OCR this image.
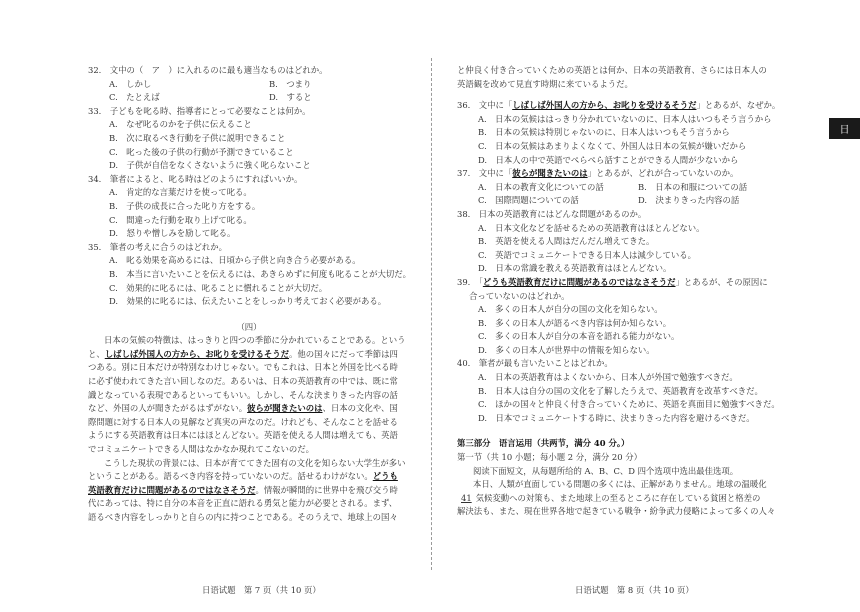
32.　文中の（　ア　）に入れるのに最も適当なものはどれか。
A.　しかし	B.　つまり
C.　たとえば	D.　すると
33.　子どもを叱る時、指導者にとって必要なことは何か。
A.　なぜ叱るのかを子供に伝えること
B.　次に取るべき行動を子供に説明できること
C.　叱った後の子供の行動が予測できていること
D.　子供が自信をなくさないように強く叱らないこと
34.　筆者によると、叱る時はどのようにすればいいか。
A.　肯定的な言葉だけを使って叱る。
B.　子供の成長に合った叱り方をする。
C.　間違った行動を取り上げて叱る。
D.　怒りや憎しみを励して叱る。
35.　筆者の考えに合うのはどれか。
A.　叱る効果を高めるには、日頃から子供と向き合う必要がある。
B.　本当に言いたいことを伝えるには、あきらめずに何度も叱ることが大切だ。
C.　効果的に叱るには、叱ることに慣れることが大切だ。
D.　効果的に叱るには、伝えたいことをしっかり考えておく必要がある。
（四）
日本の気候の特徴は、はっきりと四つの季節に分かれていることである。という
と、しばしば外国人の方から、お叱りを受けるそうだ。他の国々にだって季節は四
つある。別に日本だけが特別なわけじゃない。でもこれは、日本と外国を比べる時
に必ず使われてきた言い回しなのだ。あるいは、日本の英語教育の中では、既に常
識となっている表現であるといってもいい。しかし、そんな決まりきった内容の話
など、外国の人が聞きたがるはずがない。彼らが聞きたいのは、日本の文化や、国
際問題に対する日本人の見解など真実の声なのだ。けれども、そんなことを話せる
ようにする英語教育は日本にはほとんどない。英語を使える人間は増えても、英語
でコミュニケートできる人間はなかなか現れてこないのだ。
こうした現状の背景には、日本が育ててきた固有の文化を知らない大学生が多い
ということがある。語るべき内容を持っていないのだ。話せるわけがない。どうも
英語教育だけに問題があるのではなさそうだ。情報が瞬間的に世界中を飛び交う時
代にあっては、特に自分の本音を正直に語れる勇気と能力が必要とされる。まず、
語るべき内容をしっかりと自らの内に持つことである。そのうえで、地球上の国々
と仲良く付き合っていくための英語とは何か、日本の英語教育、さらには日本人の
英語観を改めて見直す時期に来ているようだ。
36.　文中に「しばしば外国人の方から、お叱りを受けるそうだ」とあるが、なぜか。
A.　日本の気候ははっきり分かれていないのに、日本人はいつもそう言うから
B.　日本の気候は特別じゃないのに、日本人はいつもそう言うから
C.　日本の気候はあまりよくなくて、外国人は日本の気候が嫌いだから
D.　日本人の中で英語でぺらぺら話すことができる人間が少ないから
37.　文中に「彼らが聞きたいのは」とあるが、どれが合っていないのか。
A.　日本の教育文化についての話	B.　日本の和服についての話
C.　国際問題についての話	D.　決まりきった内容の話
38.　日本の英語教育にはどんな問題があるのか。
A.　日本文化などを話せるための英語教育はほとんどない。
B.　英語を使える人間はだんだん増えてきた。
C.　英語でコミュニケートできる日本人は減少している。
D.　日本の常識を教える英語教育はほとんどない。
39.　「どうも英語教育だけに問題があるのではなさそうだ」とあるが、その原因に
合っていないのはどれか。
A.　多くの日本人が自分の国の文化を知らない。
B.　多くの日本人が語るべき内容は何か知らない。
C.　多くの日本人が自分の本音を語れる能力がない。
D.　多くの日本人が世界中の情報を知らない。
40.　筆者が最も言いたいことはどれか。
A.　日本の英語教育はよくないから、日本人が外国で勉強すべきだ。
B.　日本人は自分の国の文化を了解したうえで、英語教育を改革すべきだ。
C.　ほかの国々と仲良く付き合っていくために、英語を真面目に勉強すべきだ。
D.　日本でコミュニケートする時に、決まりきった内容を避けるべきだ。
第三部分　语言运用（共两节，满分 40 分。）
第一节（共 10 小题；每小题 2 分，满分 20 分）
阅读下面短文，从每题所给的 A、B、C、D 四个选项中选出最佳选项。
本日、人類が直面している問題の多くには、正解がありません。地球の温暖化
41 気候変動への対策も、また地球上の至るところに存在している貧困と格差の
解決法も、また、現在世界各地で起きている戦争・紛争武力侵略によって多くの人々
日语试题　第 7 页（共 10 页）	日语试题　第 8 页（共 10 页）
日
